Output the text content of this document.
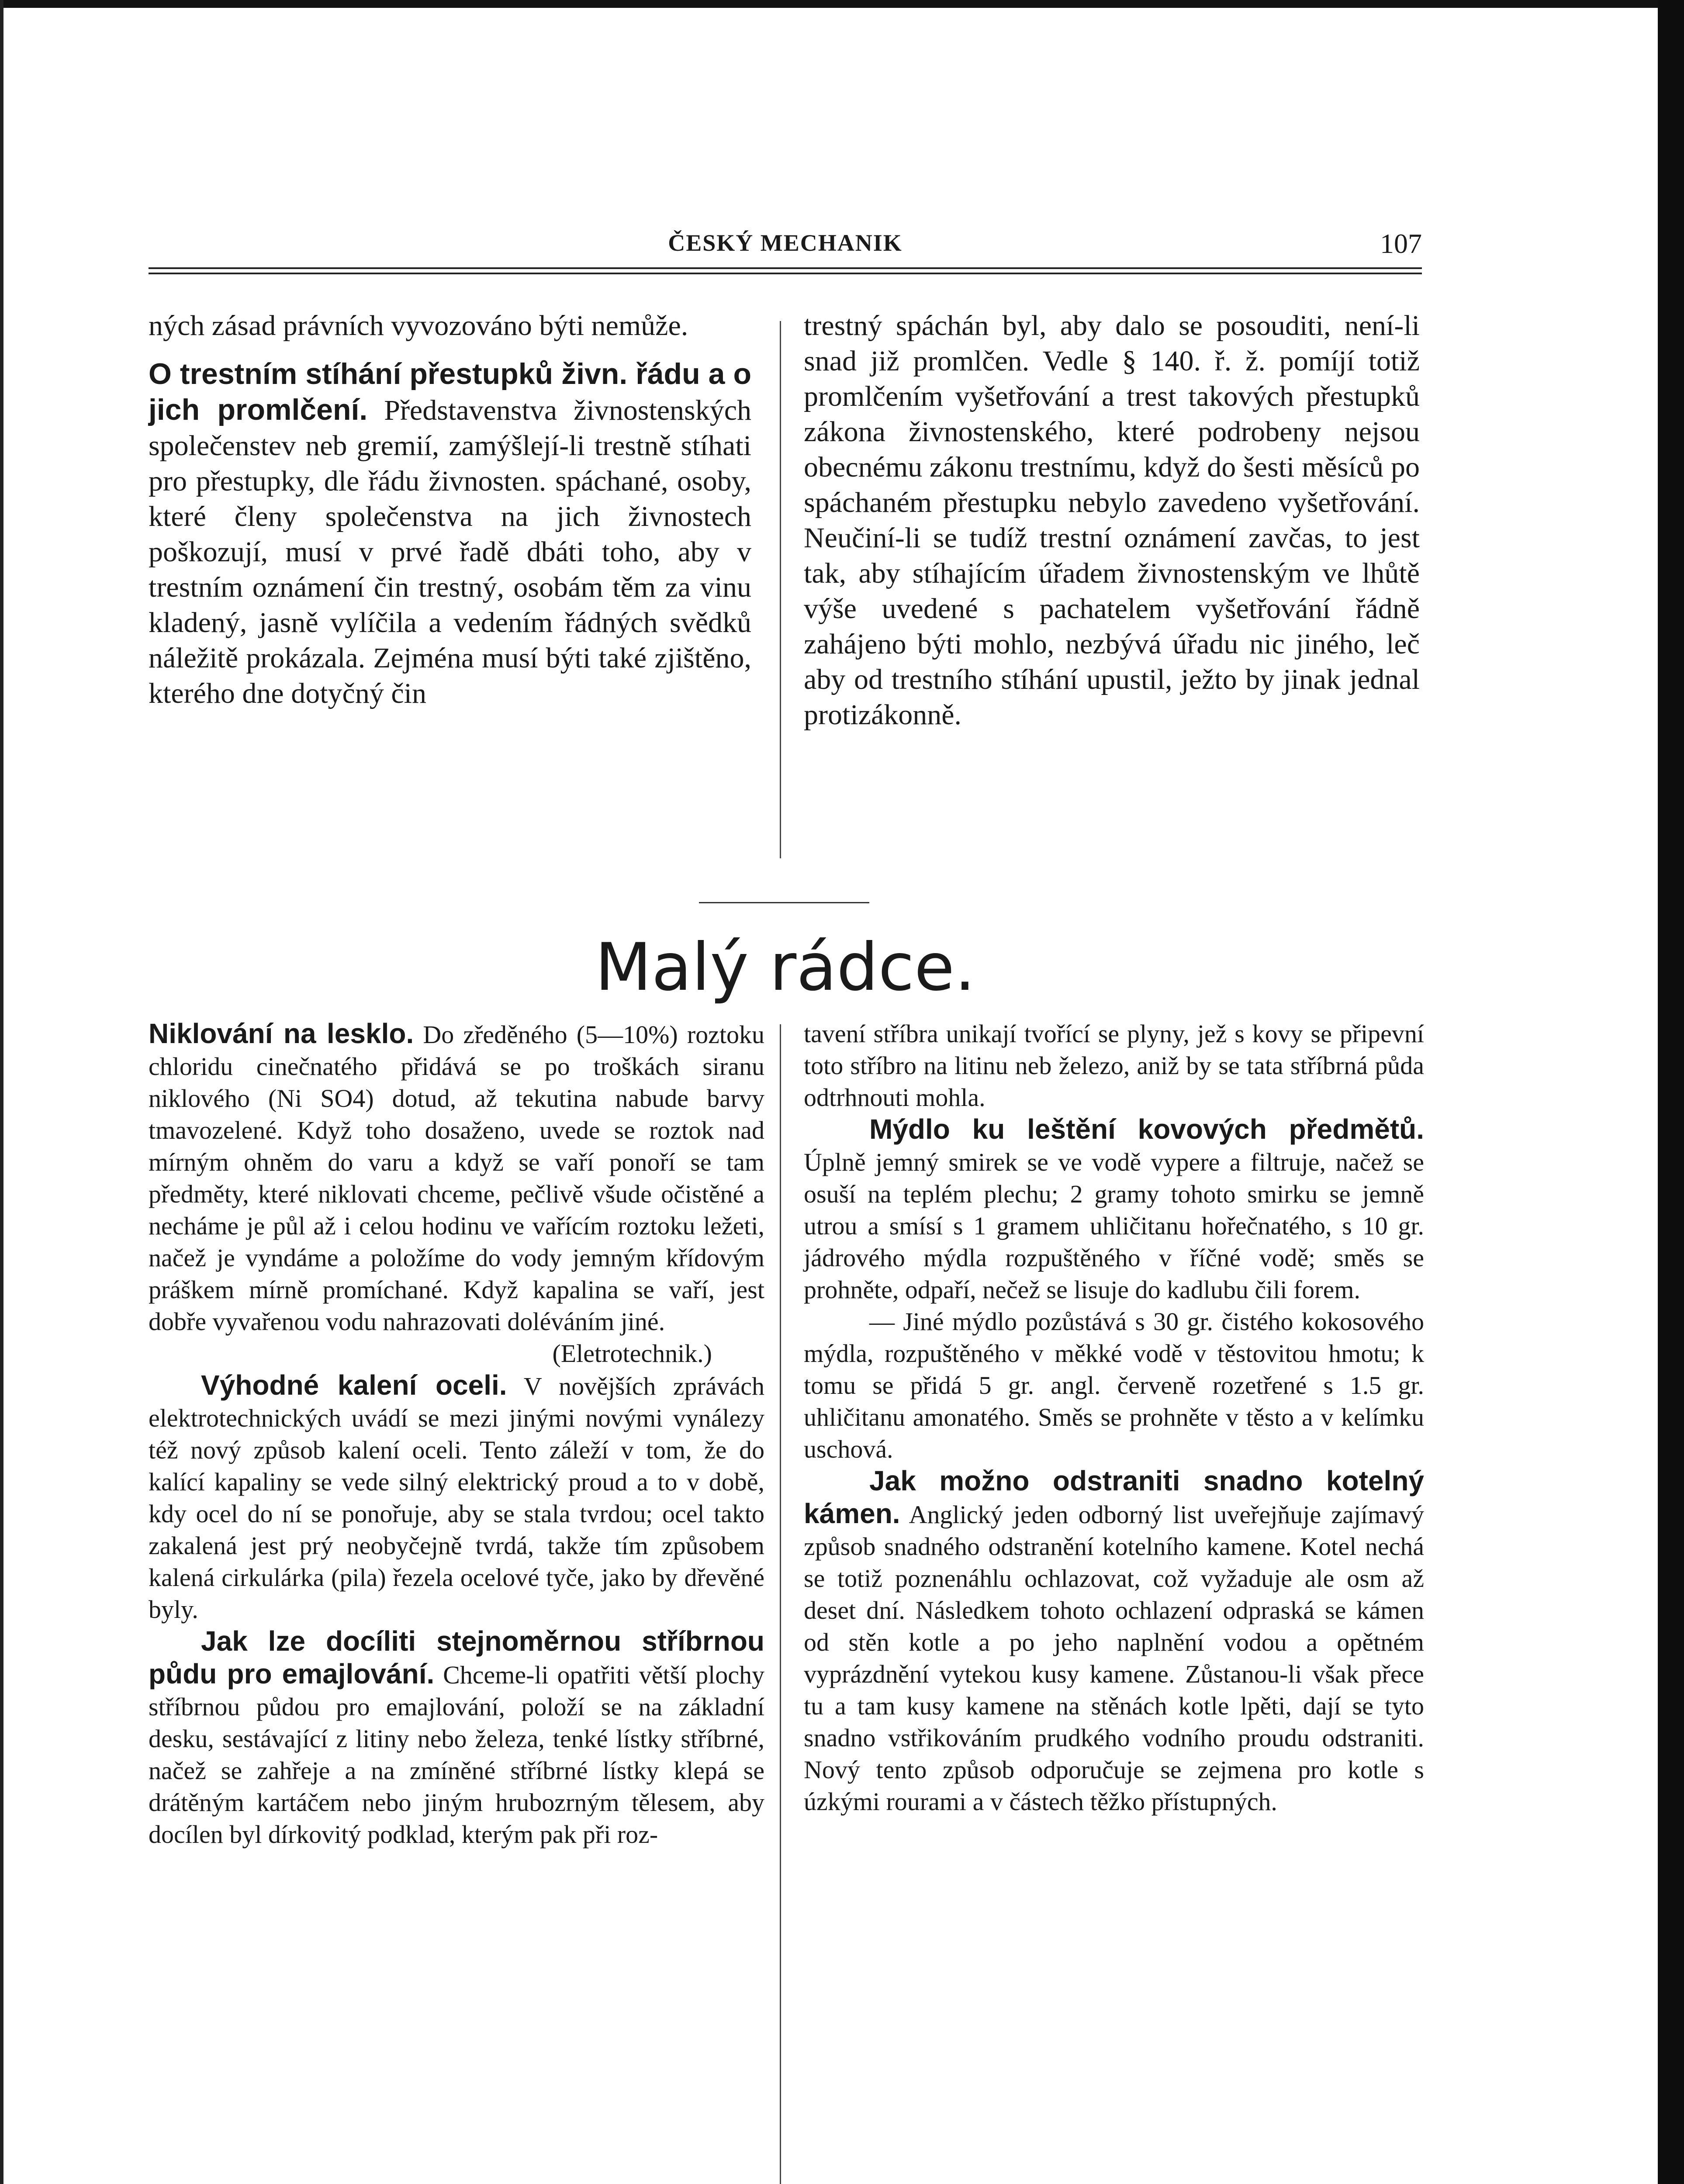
ČESKÝ MECHANIK	107

ných zásad právních vyvozováno býti nemůže.

O trestním stíhání přestupků živn. řádu a o jich promlčení. Představenstva živnostenských společenstev neb gremií, zamýšlejí-li trestně stíhati pro přestupky, dle řádu živnosten. spáchané, osoby, které členy společenstva na jich živnostech poškozují, musí v prvé řadě dbáti toho, aby v trestním oznámení čin trestný, osobám těm za vinu kladený, jasně vylíčila a vedením řádných svědků náležitě prokázala. Zejména musí býti také zjištěno, kterého dne dotyčný čin

trestný spáchán byl, aby dalo se posouditi, není-li snad již promlčen. Vedle § 140. ř. ž. pomíjí totiž promlčením vyšetřování a trest takových přestupků zákona živnostenského, které podrobeny nejsou obecnému zákonu trestnímu, když do šesti měsíců po spáchaném přestupku nebylo zavedeno vyšetřování. Neučiní-li se tudíž trestní oznámení zavčas, to jest tak, aby stíhajícím úřadem živnostenským ve lhůtě výše uvedené s pachatelem vyšetřování řádně zahájeno býti mohlo, nezbývá úřadu nic jiného, leč aby od trestního stíhání upustil, ježto by jinak jednal protizákonně.

Malý rádce.

Niklování na lesklo. Do zředěného (5—10%) roztoku chloridu cinečnatého přidává se po troškách siranu niklového (Ni SO4) dotud, až tekutina nabude barvy tmavozelené. Když toho dosaženo, uvede se roztok nad mírným ohněm do varu a když se vaří ponoří se tam předměty, které niklovati chceme, pečlivě všude očistěné a necháme je půl až i celou hodinu ve vařícím roztoku ležeti, načež je vyndáme a položíme do vody jemným křídovým práškem mírně promíchané. Když kapalina se vaří, jest dobře vyvařenou vodu nahrazovati doléváním jiné.

(Eletrotechnik.)

Výhodné kalení oceli. V novějších zprávách elektrotechnických uvádí se mezi jinými novými vynálezy též nový způsob kalení oceli. Tento záleží v tom, že do kalící kapaliny se vede silný elektrický proud a to v době, kdy ocel do ní se ponořuje, aby se stala tvrdou; ocel takto zakalená jest prý neobyčejně tvrdá, takže tím způsobem kalená cirkulárka (pila) řezela ocelové tyče, jako by dřevěné byly.

Jak lze docíliti stejnoměrnou stříbrnou půdu pro emajlování. Chceme-li opatřiti větší plochy stříbrnou půdou pro emajlování, položí se na základní desku, sestávající z litiny nebo železa, tenké lístky stříbrné, načež se zahřeje a na zmíněné stříbrné lístky klepá se drátěným kartáčem nebo jiným hrubozrným tělesem, aby docílen byl dírkovitý podklad, kterým pak při roz-

tavení stříbra unikají tvořící se plyny, jež s kovy se připevní toto stříbro na litinu neb železo, aniž by se tata stříbrná půda odtrhnouti mohla.

Mýdlo ku leštění kovových předmětů. Úplně jemný smirek se ve vodě vypere a filtruje, načež se osuší na teplém plechu; 2 gramy tohoto smirku se jemně utrou a smísí s 1 gramem uhličitanu hořečnatého, s 10 gr. jádrového mýdla rozpuštěného v říčné vodě; směs se prohněte, odpaří, nečež se lisuje do kadlubu čili forem.

— Jiné mýdlo pozůstává s 30 gr. čistého kokosového mýdla, rozpuštěného v měkké vodě v těstovitou hmotu; k tomu se přidá 5 gr. angl. červeně rozetřené s 1.5 gr. uhličitanu amonatého. Směs se prohněte v těsto a v kelímku uschová.

Jak možno odstraniti snadno kotelný kámen. Anglický jeden odborný list uveřejňuje zajímavý způsob snadného odstranění kotelního kamene. Kotel nechá se totiž poznenáhlu ochlazovat, což vyžaduje ale osm až deset dní. Následkem tohoto ochlazení odpraská se kámen od stěn kotle a po jeho naplnění vodou a opětném vyprázdnění vytekou kusy kamene. Zůstanou-li však přece tu a tam kusy kamene na stěnách kotle lpěti, dají se tyto snadno vstřikováním prudkého vodního proudu odstraniti. Nový tento způsob odporučuje se zejmena pro kotle s úzkými rourami a v částech těžko přístupných.
